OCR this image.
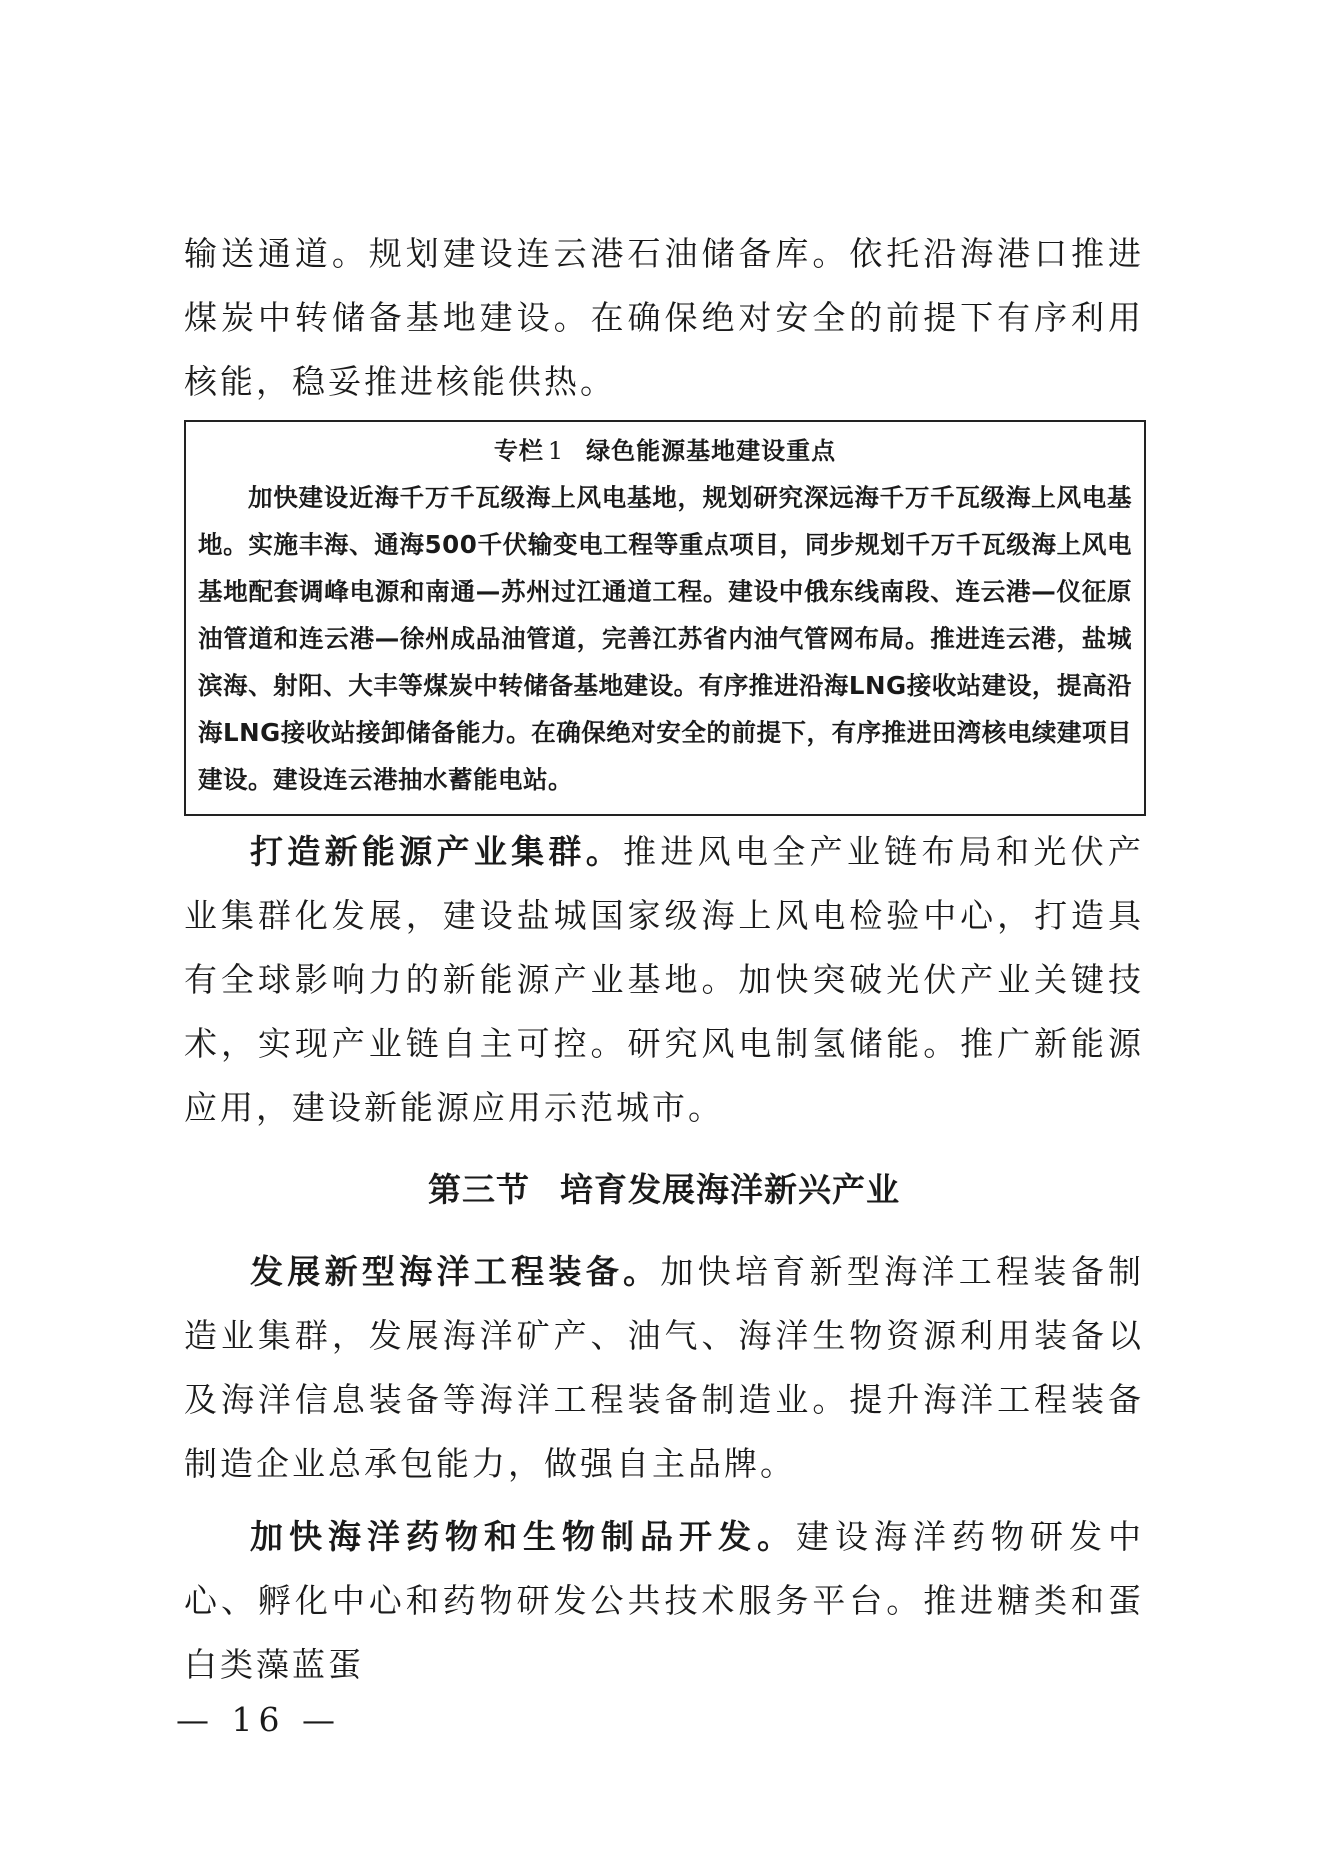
输送通道。规划建设连云港石油储备库。依托沿海港口推进煤炭中转储备基地建设。在确保绝对安全的前提下有序利用核能，稳妥推进核能供热。

专栏 1 绿色能源基地建设重点
加快建设近海千万千瓦级海上风电基地，规划研究深远海千万千瓦级海上风电基地。实施丰海、通海500千伏输变电工程等重点项目，同步规划千万千瓦级海上风电基地配套调峰电源和南通—苏州过江通道工程。建设中俄东线南段、连云港—仪征原油管道和连云港—徐州成品油管道，完善江苏省内油气管网布局。推进连云港，盐城滨海、射阳、大丰等煤炭中转储备基地建设。有序推进沿海LNG接收站建设，提高沿海LNG接收站接卸储备能力。在确保绝对安全的前提下，有序推进田湾核电续建项目建设。建设连云港抽水蓄能电站。

打造新能源产业集群。推进风电全产业链布局和光伏产业集群化发展，建设盐城国家级海上风电检验中心，打造具有全球影响力的新能源产业基地。加快突破光伏产业关键技术，实现产业链自主可控。研究风电制氢储能。推广新能源应用，建设新能源应用示范城市。

第三节 培育发展海洋新兴产业

发展新型海洋工程装备。加快培育新型海洋工程装备制造业集群，发展海洋矿产、油气、海洋生物资源利用装备以及海洋信息装备等海洋工程装备制造业。提升海洋工程装备制造企业总承包能力，做强自主品牌。

加快海洋药物和生物制品开发。建设海洋药物研发中心、孵化中心和药物研发公共技术服务平台。推进糖类和蛋白类藻蓝蛋

— 16 —
